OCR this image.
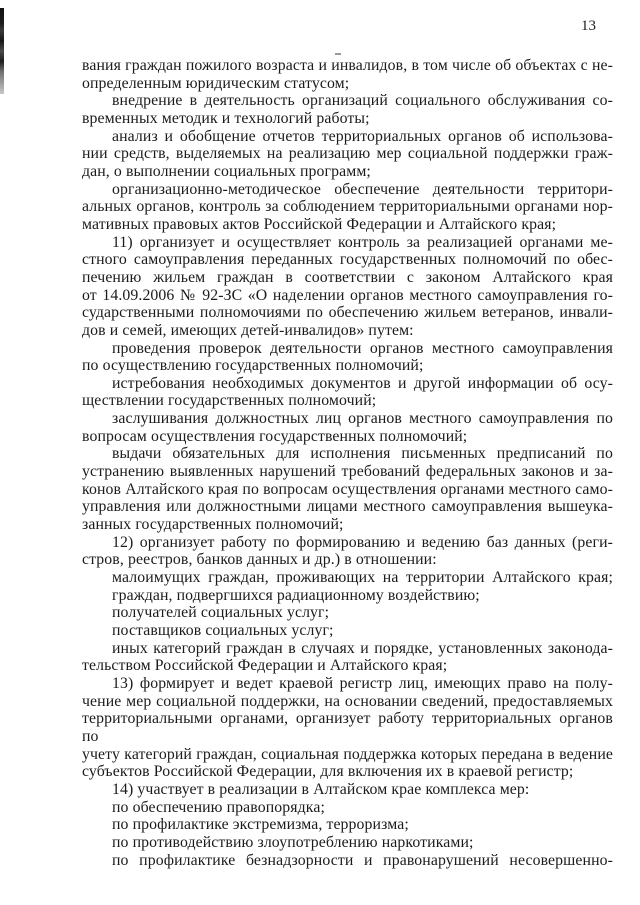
13
вания граждан пожилого возраста и инвалидов, в том числе об объектах с не-
определенным юридическим статусом;
внедрение в деятельность организаций социального обслуживания со-
временных методик и технологий работы;
анализ и обобщение отчетов территориальных органов об использова-
нии средств, выделяемых на реализацию мер социальной поддержки граж-
дан, о выполнении социальных программ;
организационно-методическое обеспечение деятельности территори-
альных органов, контроль за соблюдением территориальными органами нор-
мативных правовых актов Российской Федерации и Алтайского края;
11) организует и осуществляет контроль за реализацией органами ме-
стного самоуправления переданных государственных полномочий по обес-
печению жильем граждан в соответствии с законом Алтайского края
от 14.09.2006 № 92-ЗС «О наделении органов местного самоуправления го-
сударственными полномочиями по обеспечению жильем ветеранов, инвали-
дов и семей, имеющих детей-инвалидов» путем:
проведения проверок деятельности органов местного самоуправления
по осуществлению государственных полномочий;
истребования необходимых документов и другой информации об осу-
ществлении государственных полномочий;
заслушивания должностных лиц органов местного самоуправления по
вопросам осуществления государственных полномочий;
выдачи обязательных для исполнения письменных предписаний по
устранению выявленных нарушений требований федеральных законов и за-
конов Алтайского края по вопросам осуществления органами местного само-
управления или должностными лицами местного самоуправления вышеука-
занных государственных полномочий;
12) организует работу по формированию и ведению баз данных (реги-
стров, реестров, банков данных и др.) в отношении:
малоимущих граждан, проживающих на территории Алтайского края;
граждан, подвергшихся радиационному воздействию;
получателей социальных услуг;
поставщиков социальных услуг;
иных категорий граждан в случаях и порядке, установленных законода-
тельством Российской Федерации и Алтайского края;
13) формирует и ведет краевой регистр лиц, имеющих право на полу-
чение мер социальной поддержки, на основании сведений, предоставляемых
территориальными органами, организует работу территориальных органов по
учету категорий граждан, социальная поддержка которых передана в ведение
субъектов Российской Федерации, для включения их в краевой регистр;
14) участвует в реализации в Алтайском крае комплекса мер:
по обеспечению правопорядка;
по профилактике экстремизма, терроризма;
по противодействию злоупотреблению наркотиками;
по профилактике безнадзорности и правонарушений несовершенно-
